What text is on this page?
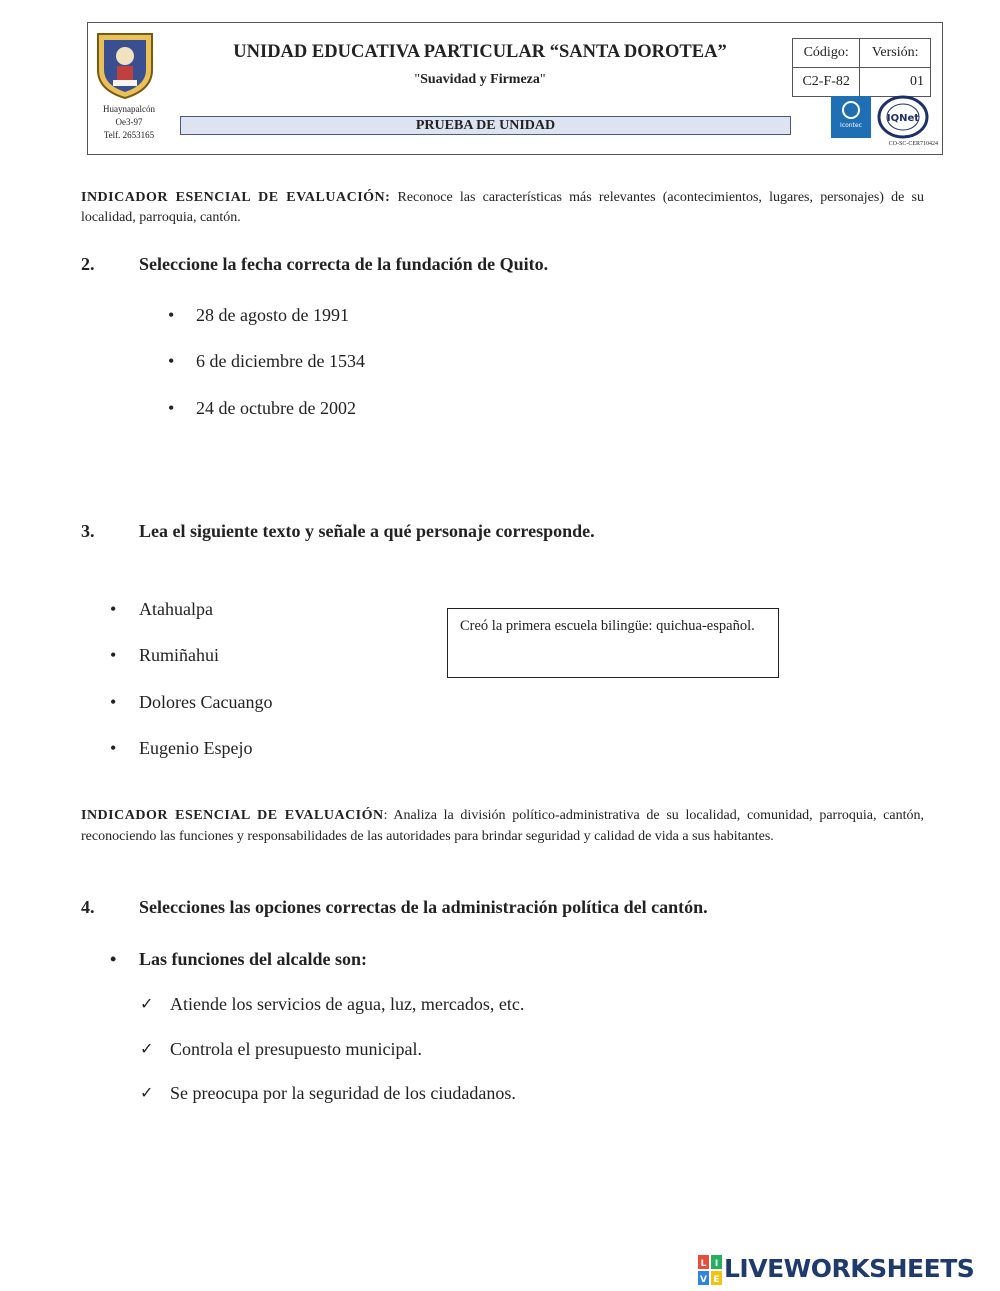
Huaynapalcón
Oe3-97
Telf. 2653165
UNIDAD EDUCATIVA PARTICULAR “SANTA DOROTEA”
"Suavidad y Firmeza"
PRUEBA DE UNIDAD
Código:	Versión:
C2-F-82	01
Icontec
IQNet
CO-SC-CER710424
INDICADOR ESENCIAL DE EVALUACIÓN: Reconoce las características más relevantes (acontecimientos, lugares, personajes) de su localidad, parroquia, cantón.
2. Seleccione la fecha correcta de la fundación de Quito.
• 28 de agosto de 1991
• 6 de diciembre de 1534
• 24 de octubre de 2002
3. Lea el siguiente texto y señale a qué personaje corresponde.
• Atahualpa
• Rumiñahui
• Dolores Cacuango
• Eugenio Espejo
Creó la primera escuela bilingüe: quichua-español.
INDICADOR ESENCIAL DE EVALUACIÓN: Analiza la división político-administrativa de su localidad, comunidad, parroquia, cantón, reconociendo las funciones y responsabilidades de las autoridades para brindar seguridad y calidad de vida a sus habitantes.
4. Selecciones las opciones correctas de la administración política del cantón.
• Las funciones del alcalde son:
✓ Atiende los servicios de agua, luz, mercados, etc.
✓ Controla el presupuesto municipal.
✓ Se preocupa por la seguridad de los ciudadanos.
L I
V E LIVEWORKSHEETS
